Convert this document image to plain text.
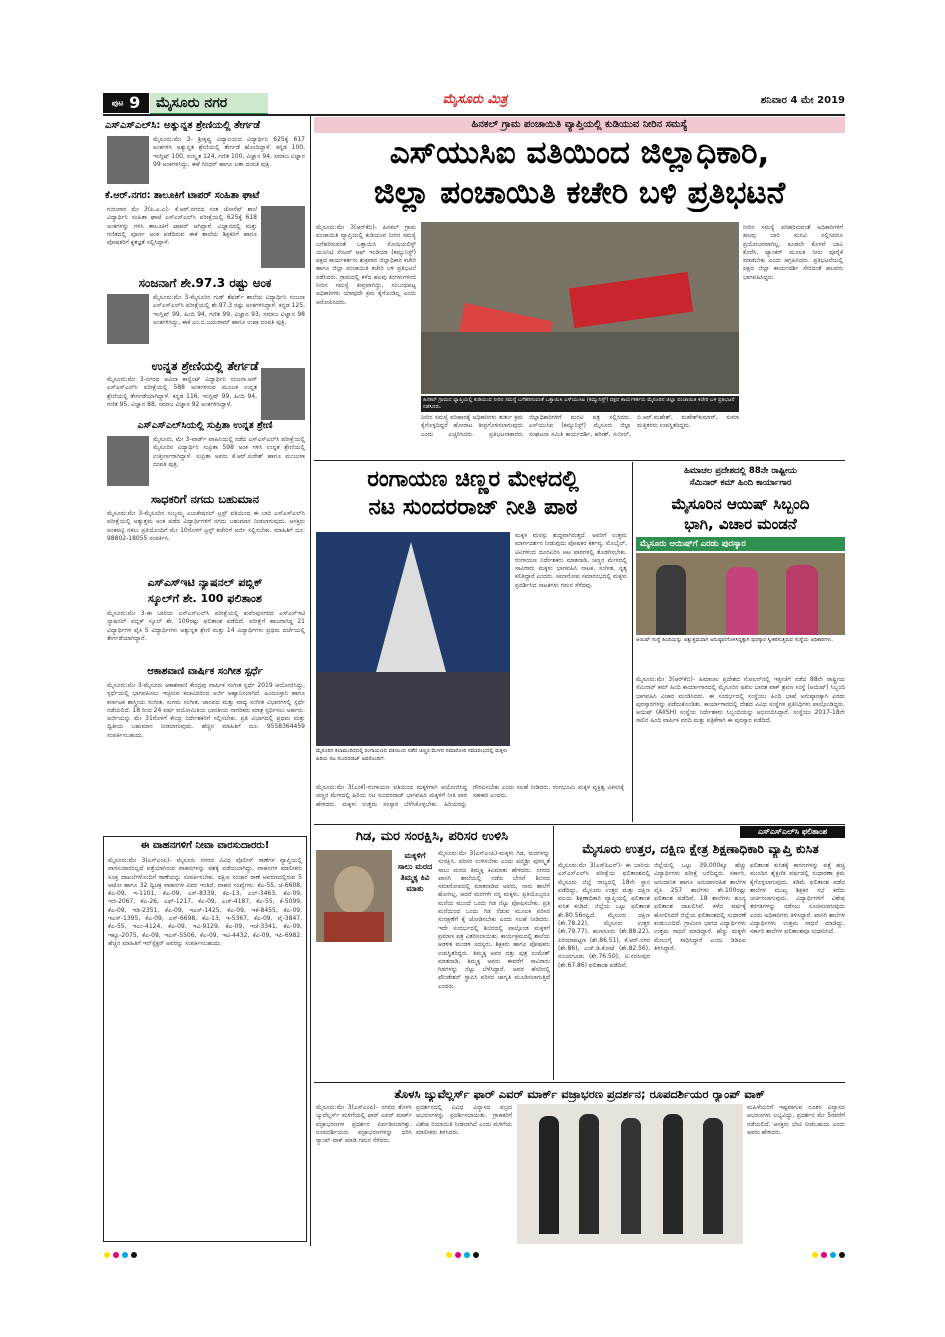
ಪುಟ 9	ಮೈಸೂರು ನಗರ	ಮೈಸೂರು ಮಿತ್ರ	ಶನಿವಾರ 4 ಮೇ 2019
ಎಸ್‌ಎಸ್‌ಎಲ್‌ಸಿ: ಅತ್ಯುನ್ನತ ಶ್ರೇಣಿಯಲ್ಲಿ ತೇರ್ಗಡೆ
ಮೈಸೂರು:ಮೇ 3- ಶ್ರೀಕೃಷ್ಣ ವಿದ್ಯಾಲಯದ ವಿದ್ಯಾರ್ಥಿನಿ 625ಕ್ಕೆ 617 ಅಂಕಗಳಿಸಿ ಅತ್ಯುನ್ನತ ಶ್ರೇಣಿಯಲ್ಲಿ ತೇರ್ಗಡೆ ಹೊಂದಿದ್ದಾಳೆ. ಕನ್ನಡ 100, ಇಂಗ್ಲಿಷ್ 100, ಸಂಸ್ಕೃತ 124, ಗಣಿತ 100, ವಿಜ್ಞಾನ 94, ಸಮಾಜ ವಿಜ್ಞಾನ 99 ಅಂಕಗಳಿಸಿದ್ದು, ಈಕೆ ಗಿರಿಧರ್ ಹಾಗೂ ಲತಾ ದಂಪತಿ ಪುತ್ರಿ.
ಕೆ.ಆರ್.ನಗರ: ತಾಲೂಕಿಗೆ ಟಾಪರ್ ಸಂಹಿತಾ ಘಾಟೆ
ಗುರುವಾರ ಮೇ 3(ಪಿ.ಎ.ಎ)- ಕೆ.ಆರ್.ನಗರದ ಸಂತ ಜೋಸೆಫ್ ಶಾಲೆ ವಿದ್ಯಾರ್ಥಿನಿ ಸಂಹಿತಾ ಘಾಟೆ ಎಸ್‌ಎಸ್‌ಎಲ್‌ಸಿ ಪರೀಕ್ಷೆಯಲ್ಲಿ 625ಕ್ಕೆ 618 ಅಂಕಗಳನ್ನು ಗಳಿಸಿ ತಾಲೂಕಿಗೆ ಟಾಪರ್ ಆಗಿದ್ದಾಳೆ. ವಿಜ್ಞಾನದಲ್ಲಿ ಮತ್ತು ಗಣಿತದಲ್ಲಿ ಪೂರ್ಣ ಅಂಕ ಪಡೆದಿರುವ ಈಕೆ ಶಾಲೆಯ ಶಿಕ್ಷಕರಿಗೆ ಹಾಗೂ ಪೋಷಕರಿಗೆ ಕೃತಜ್ಞತೆ ಸಲ್ಲಿಸಿದ್ದಾಳೆ.
ಸಂಜನಾಗೆ ಶೇ.97.3 ರಷ್ಟು ಅಂಕ
ಮೈಸೂರು:ಮೇ 3-ಮೈಸೂರಿನ ಗುಡ್ ಶೆಫರ್ಡ್ ಶಾಲೆಯ ವಿದ್ಯಾರ್ಥಿನಿ ಸಂಜನಾ ಎಸ್‌ಎಸ್‌ಎಲ್‌ಸಿ ಪರೀಕ್ಷೆಯಲ್ಲಿ ಶೇ.97.3 ರಷ್ಟು ಅಂಕಗಳಿಸಿದ್ದಾಳೆ. ಕನ್ನಡ 125, ಇಂಗ್ಲಿಷ್ 99, ಹಿಂದಿ 94, ಗಣಿತ 99, ವಿಜ್ಞಾನ 93, ಸಮಾಜ ವಿಜ್ಞಾನ 98 ಅಂಕಗಳಿಸಿದ್ದು, ಈಕೆ ಎಂ.ಬಿ.ಜಯರಾಮ್ ಹಾಗೂ ಉಷಾ ದಂಪತಿ ಪುತ್ರಿ.
ಉನ್ನತ ಶ್ರೇಣಿಯಲ್ಲಿ ತೇರ್ಗಡೆ
ಮೈಸೂರು:ಮೇ 3-ನಗರದ ಅವಿಲಾ ಕಾನ್ವೆಂಟ್ ವಿದ್ಯಾರ್ಥಿನಿ ಸಂಜನಾ.ಆರ್ ಎಸ್‌ಎಸ್‌ಎಲ್‌ಸಿ ಪರೀಕ್ಷೆಯಲ್ಲಿ 588 ಅಂಕಗಳಿಸುವ ಮೂಲಕ ಉನ್ನತ ಶ್ರೇಣಿಯಲ್ಲಿ ತೇರ್ಗಡೆಯಾಗಿದ್ದಾಳೆ. ಕನ್ನಡ 116, ಇಂಗ್ಲಿಷ್ 99, ಹಿಂದಿ 94, ಗಣಿತ 95, ವಿಜ್ಞಾನ 88, ಸಮಾಜ ವಿಜ್ಞಾನ 92 ಅಂಕಗಳಿಸಿದ್ದಾಳೆ.
ಎಸ್‌ಎಸ್‌ಎಲ್‌ಸಿಯಲ್ಲಿ ಸುಪ್ರಿತಾ ಉನ್ನತ ಶ್ರೇಣಿ
ಮೈಸೂರು, ಮೇ 3-ವಾರ್ಡ್ ವಾಹಿನಿಯಲ್ಲಿ ನಡೆದ ಎಸ್‌ಎಸ್‌ಎಲ್‌ಸಿ ಪರೀಕ್ಷೆಯಲ್ಲಿ ಮೈಸೂರಿನ ವಿದ್ಯಾರ್ಥಿನಿ ಸುಪ್ರಿತಾ 598 ಅಂಕ ಗಳಿಸಿ ಉನ್ನತ ಶ್ರೇಣಿಯಲ್ಲಿ ಉತ್ತೀರ್ಣರಾಗಿದ್ದಾಳೆ. ಸುಪ್ರಿತಾ ಅವರು ಕೆ.ಆರ್.ಸುರೇಶ್ ಹಾಗೂ ಮಂಜುಳಾ ದಂಪತಿ ಪುತ್ರಿ.
ಸಾಧಕರಿಗೆ ನಗದು ಬಹುಮಾನ
ಮೈಸೂರು:ಮೇ 3-ಮೈಸೂರಿನ ಸುಬ್ಬಮ್ಮ ಎಜುಕೇಷನಲ್ ಟ್ರಸ್ಟ್ ವತಿಯಿಂದ ಈ ಬಾರಿ ಎಸ್‌ಎಸ್‌ಎಲ್‌ಸಿ ಪರೀಕ್ಷೆಯಲ್ಲಿ ಅತ್ಯುತ್ತಮ ಅಂಕ ಪಡೆದ ವಿದ್ಯಾರ್ಥಿಗಳಿಗೆ ನಗದು ಬಹುಮಾನ ನೀಡಲಾಗುವುದು. ಆಸಕ್ತರು ಅಂಕಪಟ್ಟಿ ನಕಲು ಪ್ರತಿಯೊಂದಿಗೆ ಮೇ 10ರೊಳಗೆ ಟ್ರಸ್ಟ್ ಕಚೇರಿಗೆ ಅರ್ಜಿ ಸಲ್ಲಿಸಬೇಕು. ಮಾಹಿತಿಗೆ ದೂ: 98802-18055 ಸಂಪರ್ಕಿಸಿ.
ಎಸ್‌ಎಸ್‌ಇಟಿ ನ್ಯಾಷನಲ್ ಪಬ್ಲಿಕ್
ಸ್ಕೂಲ್‌ಗೆ ಶೇ. 100 ಫಲಿತಾಂಶ
ಮೈಸೂರು:ಮೇ 3-ಈ ಬಾರಿಯ ಎಸ್‌ಎಸ್‌ಎಲ್‌ಸಿ ಪರೀಕ್ಷೆಯಲ್ಲಿ ಕುವೆಂಪುನಗರದ ಎಸ್‌ಎಸ್‌ಇಟಿ ನ್ಯಾಷನಲ್ ಪಬ್ಲಿಕ್ ಸ್ಕೂಲ್ ಶೇ. 100ರಷ್ಟು ಫಲಿತಾಂಶ ಪಡೆದಿದೆ. ಪರೀಕ್ಷೆಗೆ ಹಾಜರಾಗಿದ್ದ 21 ವಿದ್ಯಾರ್ಥಿಗಳ ಪೈಕಿ 5 ವಿದ್ಯಾರ್ಥಿಗಳು ಅತ್ಯುನ್ನತ ಶ್ರೇಣಿ ಮತ್ತು 14 ವಿದ್ಯಾರ್ಥಿಗಳು ಪ್ರಥಮ ದರ್ಜೆಯಲ್ಲಿ ತೇರ್ಗಡೆಯಾಗಿದ್ದಾರೆ.
ಆಕಾಶವಾಣಿ ವಾರ್ಷಿಕ ಸಂಗೀತ ಸ್ಪರ್ಧೆ
ಮೈಸೂರು:ಮೇ 3-ಮೈಸೂರು ಆಕಾಶವಾಣಿ ಕೇಂದ್ರವು ವಾರ್ಷಿಕ ಸಂಗೀತ ಸ್ಪರ್ಧೆ 2019 ಆಯೋಜಿಸಿದ್ದು, ಸ್ಪರ್ಧೆಯಲ್ಲಿ ಭಾಗವಹಿಸಲು ಇಚ್ಛಿಸುವ ಕಲಾವಿದರಿಂದ ಅರ್ಜಿ ಆಹ್ವಾನಿಸಲಾಗಿದೆ. ಹಿಂದೂಸ್ತಾನಿ ಹಾಗೂ ಕರ್ನಾಟಕ ಶಾಸ್ತ್ರೀಯ ಸಂಗೀತ, ಸುಗಮ ಸಂಗೀತ, ಜಾನಪದ ಮತ್ತು ವಾದ್ಯ ಸಂಗೀತ ವಿಭಾಗಗಳಲ್ಲಿ ಸ್ಪರ್ಧೆ ನಡೆಯಲಿದೆ. 18 ರಿಂದ 24 ವರ್ಷ ವಯೋಮಿತಿಯ ಭಾರತೀಯ ನಾಗರಿಕರು ಮಾತ್ರ ಸ್ಪರ್ಧಿಸಲು ಅರ್ಹರು. ಅರ್ಜಿಯನ್ನು ಮೇ 31ರೊಳಗೆ ಕೇಂದ್ರ ನಿರ್ದೇಶಕರಿಗೆ ಸಲ್ಲಿಸಬೇಕು. ಪ್ರತಿ ವಿಭಾಗದಲ್ಲಿ ಪ್ರಥಮ ಮತ್ತು ದ್ವಿತೀಯ ಬಹುಮಾನ ನೀಡಲಾಗುವುದು. ಹೆಚ್ಚಿನ ಮಾಹಿತಿಗೆ ದೂ: 9558364459 ಸಂಪರ್ಕಿಸಬಹುದು.
ಈ ವಾಹನಗಳಿಗೆ ನೀವಾ ವಾರಸುದಾರರು!
ಮೈಸೂರು:ಮೇ 3(ಎಸ್‌ಎಂಪಿ)- ಮೈಸೂರು ನಗರದ ವಿವಿಧ ಪೊಲೀಸ್ ಠಾಣೆಗಳ ವ್ಯಾಪ್ತಿಯಲ್ಲಿ ವಾರಸುದಾರರಿಲ್ಲದೆ ಪತ್ತೆಯಾಗಿರುವ ವಾಹನಗಳನ್ನು ವಶಕ್ಕೆ ಪಡೆಯಲಾಗಿದ್ದು, ವಾಹನಗಳ ಮಾಲೀಕರು ಸೂಕ್ತ ದಾಖಲೆಗಳೊಂದಿಗೆ ಠಾಣೆಯನ್ನು ಸಂಪರ್ಕಿಸಬೇಕು. ದಕ್ಷಿಣ ಸಂಚಾರ ಠಾಣೆ ಆವರಣದಲ್ಲಿರುವ 5 ಆಟೋ ಹಾಗೂ 32 ದ್ವಿಚಕ್ರ ವಾಹನಗಳ ವಿವರ ಇಂತಿದೆ. ವಾಹನ ಸಂಖ್ಯೆಗಳು: ಕೆಎ-55, ಜೆ-6608, ಕೆಎ-09, ಇ-1101, ಕೆಎ-09, ಎಸ್-8339, ಕೆಎ-13, ಎಲ್-3463, ಕೆಎ-09, ಇಜಿ-2067, ಕೆಎ-26, ಎಫ್-1217, ಕೆಎ-09, ಎಚ್-4187, ಕೆಎ-55, ಕೆ-5099, ಕೆಎ-09, ಇಡಿ-2351, ಕೆಎ-09, ಇಎಸ್-1425, ಕೆಎ-09, ಇಕೆ-8455, ಕೆಎ-09, ಇಎಸ್-1395, ಕೆಎ-09, ಎಸ್-6698, ಕೆಎ-13, ಇ-5367, ಕೆಎ-09, ವೈ-3847, ಕೆಎ-55, ಇಎಂ-4124, ಕೆಎ-09, ಇವಿ-9129, ಕೆಎ-09, ಇಜೆ-3341, ಕೆಎ-09, ಇಕ್ಯೂ-2075, ಕೆಎ-09, ಇಎಸ್-5506, ಕೆಎ-09, ಇಟಿ-4432, ಕೆಎ-09, ಇಪಿ-6982. ಹೆಚ್ಚಿನ ಮಾಹಿತಿಗೆ ಇನ್‌ಸ್ಪೆಕ್ಟರ್ ಅವರನ್ನು ಸಂಪರ್ಕಿಸಬಹುದು.
ಹಿನಕಲ್ ಗ್ರಾಮ ಪಂಚಾಯಿತಿ ವ್ಯಾಪ್ತಿಯಲ್ಲಿ ಕುಡಿಯುವ ನೀರಿನ ಸಮಸ್ಯೆ
ಎಸ್‌ಯುಸಿಐ ವತಿಯಿಂದ ಜಿಲ್ಲಾಧಿಕಾರಿ,
ಜಿಲ್ಲಾ ಪಂಚಾಯಿತಿ ಕಚೇರಿ ಬಳಿ ಪ್ರತಿಭಟನೆ
ಮೈಸೂರು:ಮೇ 3(ಆರ್‌ಕೆಬಿ)- ಹಿನಕಲ್ ಗ್ರಾಮ ಪಂಚಾಯಿತಿ ವ್ಯಾಪ್ತಿಯಲ್ಲಿ ಕುಡಿಯುವ ನೀರಿನ ಸಮಸ್ಯೆ ಬಗೆಹರಿಸುವಂತೆ ಒತ್ತಾಯಿಸಿ ಸೋಷಿಯಲಿಸ್ಟ್ ಯೂನಿಟಿ ಸೆಂಟರ್ ಆಫ್ ಇಂಡಿಯಾ (ಕಮ್ಯುನಿಸ್ಟ್) ಪಕ್ಷದ ಕಾರ್ಯಕರ್ತರು ಶುಕ್ರವಾರ ಜಿಲ್ಲಾಧಿಕಾರಿ ಕಚೇರಿ ಹಾಗೂ ಜಿಲ್ಲಾ ಪಂಚಾಯಿತಿ ಕಚೇರಿ ಬಳಿ ಪ್ರತಿಭಟನೆ ನಡೆಸಿದರು. ಗ್ರಾಮದಲ್ಲಿ ಕಳೆದ ಹಲವು ತಿಂಗಳುಗಳಿಂದ ನೀರಿನ ಸಮಸ್ಯೆ ತೀವ್ರವಾಗಿದ್ದು, ಸಂಬಂಧಪಟ್ಟ ಅಧಿಕಾರಿಗಳು ಯಾವುದೇ ಕ್ರಮ ಕೈಗೊಂಡಿಲ್ಲ ಎಂದು ಆರೋಪಿಸಿದರು.
ನೀರಿನ ಸಮಸ್ಯೆ ಪರಿಹರಿಸುವಂತೆ ಅಧಿಕಾರಿಗಳಿಗೆ ಹಲವು ಬಾರಿ ಮನವಿ ಸಲ್ಲಿಸಿದರೂ ಪ್ರಯೋಜನವಾಗಿಲ್ಲ. ಕೂಡಲೇ ಕೊಳವೆ ಬಾವಿ ಕೊರೆಸಿ, ಟ್ಯಾಂಕರ್ ಮೂಲಕ ನೀರು ಪೂರೈಕೆ ಮಾಡಬೇಕು ಎಂದು ಆಗ್ರಹಿಸಿದರು. ಪ್ರತಿಭಟನೆಯಲ್ಲಿ ಪಕ್ಷದ ಜಿಲ್ಲಾ ಕಾರ್ಯದರ್ಶಿ ಸೇರಿದಂತೆ ಹಲವರು ಭಾಗವಹಿಸಿದ್ದರು.
ಹಿನಕಲ್ ಗ್ರಾಮದ ವ್ಯಾಪ್ತಿಯಲ್ಲಿ ಕುಡಿಯುವ ನೀರಿನ ಸಮಸ್ಯೆ ಬಗೆಹರಿಸುವಂತೆ ಒತ್ತಾಯಿಸಿ ಎಸ್‌ಯುಸಿಐ (ಕಮ್ಯುನಿಸ್ಟ್) ಪಕ್ಷದ ಕಾರ್ಯಕರ್ತರು ಮೈಸೂರಿನ ಜಿಲ್ಲಾ ಪಂಚಾಯಿತಿ ಕಚೇರಿ ಬಳಿ ಪ್ರತಿಭಟನೆ ನಡೆಸಿದರು.
ನೀರಿನ ಸಮಸ್ಯೆ ಪರಿಹಾರಕ್ಕೆ ಅಧಿಕಾರಿಗಳು ತುರ್ತು ಕ್ರಮ ಕೈಗೊಳ್ಳದಿದ್ದರೆ ಹೋರಾಟ ತೀವ್ರಗೊಳಿಸಲಾಗುವುದು ಎಂದು ಎಚ್ಚರಿಸಿದರು. ಪ್ರತಿಭಟನಾಕಾರರು ಜಿಲ್ಲಾಧಿಕಾರಿಗಳಿಗೆ ಮನವಿ ಪತ್ರ ಸಲ್ಲಿಸಿದರು. ಎಸ್‌ಯುಸಿಐ (ಕಮ್ಯುನಿಸ್ಟ್) ಮೈಸೂರು ಜಿಲ್ಲಾ ಸಂಘಟನಾ ಸಮಿತಿ ಕಾರ್ಯದರ್ಶಿ, ಹರೀಶ್, ಸುನೀಲ್, ಬಿ.ಆರ್.ಮಹೇಶ್, ಮಹೇಶ್‌ಕುಮಾರ್, ಸುಮಾ ಮತ್ತಿತರರು ಉಪಸ್ಥಿತರಿದ್ದರು.
ರಂಗಾಯಣ ಚಿಣ್ಣರ ಮೇಳದಲ್ಲಿ
ನಟ ಸುಂದರರಾಜ್ ನೀತಿ ಪಾಠ
ಮೈಸೂರಿನ ಕಲಾಮಂದಿರದಲ್ಲಿ ರಂಗಾಯಣದ ವತಿಯಿಂದ ನಡೆದ ಚಿಣ್ಣರ ಮೇಳದ ಸಮಾರೋಪ ಸಮಾರಂಭದಲ್ಲಿ ಮಕ್ಕಳು ಹಿರಿಯ ನಟ ಸುಂದರರಾಜ್ ಅವರೊಂದಿಗೆ.
ಮೈಸೂರು:ಮೇ 3(ಎಂಕೆ)-ರಂಗಾಯಣ ವತಿಯಿಂದ ಮಕ್ಕಳಿಗಾಗಿ ಆಯೋಜಿಸಿದ್ದ ಚಿಣ್ಣರ ಮೇಳದಲ್ಲಿ ಹಿರಿಯ ನಟ ಸುಂದರರಾಜ್ ಭಾಗವಹಿಸಿ ಮಕ್ಕಳಿಗೆ ನೀತಿ ಪಾಠ ಹೇಳಿದರು. ಮಕ್ಕಳು ಉತ್ತಮ ಸಂಸ್ಕಾರ ಬೆಳೆಸಿಕೊಳ್ಳಬೇಕು. ಹಿರಿಯರನ್ನು ಗೌರವಿಸಬೇಕು ಎಂದು ಸಲಹೆ ನೀಡಿದರು. ರಂಗಭೂಮಿ ಮಕ್ಕಳ ವ್ಯಕ್ತಿತ್ವ ವಿಕಸನಕ್ಕೆ ಸಹಕಾರಿ ಎಂದರು.
ಮಕ್ಕಳ ಮನಸ್ಸು ಶುದ್ಧವಾಗಿರುತ್ತದೆ. ಅವರಿಗೆ ಉತ್ತಮ ಮಾರ್ಗದರ್ಶನ ನೀಡುವುದು ಪೋಷಕರ ಕರ್ತವ್ಯ. ಮೊಬೈಲ್, ಟಿವಿಗಳಿಂದ ದೂರವಿರಿಸಿ ಆಟ ಪಾಠಗಳಲ್ಲಿ ತೊಡಗಿಸಬೇಕು. ರಂಗಾಯಣ ನಿರ್ದೇಶಕರು ಮಾತನಾಡಿ, ಚಿಣ್ಣರ ಮೇಳದಲ್ಲಿ ಸಾವಿರಾರು ಮಕ್ಕಳು ಭಾಗವಹಿಸಿ ನಾಟಕ, ಸಂಗೀತ, ನೃತ್ಯ ಕಲಿತಿದ್ದಾರೆ ಎಂದರು. ಸಮಾರೋಪ ಸಮಾರಂಭದಲ್ಲಿ ಮಕ್ಕಳು ಪ್ರದರ್ಶಿಸಿದ ನಾಟಕಗಳು ಗಮನ ಸೆಳೆದವು.
ಹಿಮಾಚಲ ಪ್ರದೇಶದಲ್ಲಿ 88ನೇ ರಾಷ್ಟ್ರೀಯ
ಸೆಮಿನಾರ್ ಕಮ್ ಹಿಂದಿ ಕಾರ್ಯಾಗಾರ
ಮೈಸೂರಿನ ಆಯಿಷ್ ಸಿಬ್ಬಂದಿ
ಭಾಗಿ, ವಿಚಾರ ಮಂಡನೆ
ಮೈಸೂರು ಆಯಿಷ್‌ಗೆ ಎರಡು ಪುರಸ್ಕಾರ
ಆಯಿಷ್ ಸಂಸ್ಥೆ ಹಿಂದಿಯನ್ನು ಅತ್ಯುತ್ತಮವಾಗಿ ಅನುಷ್ಠಾನಗೊಳಿಸಿದ್ದಕ್ಕಾಗಿ ಪುರಸ್ಕಾರ ಸ್ವೀಕರಿಸುತ್ತಿರುವ ಸಂಸ್ಥೆಯ ಅಧಿಕಾರಿಗಳು.
ಮೈಸೂರು:ಮೇ 3(ಆರ್‌ಕೆಬಿ)- ಹಿಮಾಚಲ ಪ್ರದೇಶದ ಸೋಲನ್‌ನಲ್ಲಿ ಇತ್ತೀಚೆಗೆ ನಡೆದ 88ನೇ ರಾಷ್ಟ್ರೀಯ ಸೆಮಿನಾರ್ ಕಮ್ ಹಿಂದಿ ಕಾರ್ಯಾಗಾರದಲ್ಲಿ ಮೈಸೂರಿನ ಅಖಿಲ ಭಾರತ ವಾಕ್ ಶ್ರವಣ ಸಂಸ್ಥೆ (ಆಯಿಷ್) ಸಿಬ್ಬಂದಿ ಭಾಗವಹಿಸಿ ವಿಚಾರ ಮಂಡಿಸಿದರು. ಈ ಸಂದರ್ಭದಲ್ಲಿ ಸಂಸ್ಥೆಯು ಹಿಂದಿ ಭಾಷೆ ಅನುಷ್ಠಾನಕ್ಕಾಗಿ ಎರಡು ಪುರಸ್ಕಾರಗಳನ್ನು ಪಡೆದುಕೊಂಡಿತು. ಕಾರ್ಯಾಗಾರದಲ್ಲಿ ದೇಶದ ವಿವಿಧ ಸಂಸ್ಥೆಗಳ ಪ್ರತಿನಿಧಿಗಳು ಪಾಲ್ಗೊಂಡಿದ್ದರು. ಆಯಿಷ್ (AIISH) ಸಂಸ್ಥೆಯ ನಿರ್ದೇಶಕರು ಸಿಬ್ಬಂದಿಯನ್ನು ಅಭಿನಂದಿಸಿದ್ದಾರೆ. ಸಂಸ್ಥೆಯು 2017-18ನೇ ಸಾಲಿನ ಹಿಂದಿ ವಾರ್ಷಿಕ ವರದಿ ಮತ್ತು ಪತ್ರಿಕೆಗಾಗಿ ಈ ಪುರಸ್ಕಾರ ಪಡೆದಿದೆ.
ಗಿಡ, ಮರ ಸಂರಕ್ಷಿಸಿ, ಪರಿಸರ ಉಳಿಸಿ
ಮಕ್ಕಳಿಗೆ ಸಾಲು ಮರದ ತಿಮ್ಮಕ್ಕ ಕಿವಿ ಮಾತು
ಮೈಸೂರು:ಮೇ 3(ಎಸ್‌ಎಂಪಿ)-ಮಕ್ಕಳು ಗಿಡ, ಮರಗಳನ್ನು ಸಂರಕ್ಷಿಸಿ, ಪರಿಸರ ಉಳಿಸಬೇಕು ಎಂದು ಪದ್ಮಶ್ರೀ ಪುರಸ್ಕೃತೆ ಸಾಲು ಮರದ ತಿಮ್ಮಕ್ಕ ಕಿವಿಮಾತು ಹೇಳಿದರು. ನಗರದ ಖಾಸಗಿ ಶಾಲೆಯಲ್ಲಿ ನಡೆದ ಬೇಸಿಗೆ ಶಿಬಿರದ ಸಮಾರೋಪದಲ್ಲಿ ಮಾತನಾಡಿದ ಅವರು, ನಾನು ಶಾಲೆಗೆ ಹೋಗಿಲ್ಲ, ಆದರೆ ಮರಗಳೇ ನನ್ನ ಮಕ್ಕಳು. ಪ್ರತಿಯೊಬ್ಬರೂ ಮನೆಯ ಮುಂದೆ ಒಂದು ಗಿಡ ನೆಟ್ಟು ಪೋಷಿಸಬೇಕು. ಪ್ರತಿ ಮನೆಯಿಂದ ಒಂದು ಗಿಡ ನೆಡುವ ಮೂಲಕ ಪರಿಸರ ಸಂರಕ್ಷಣೆಗೆ ಕೈ ಜೋಡಿಸಬೇಕು ಎಂದು ಸಲಹೆ ನೀಡಿದರು. ಇದೇ ಸಂದರ್ಭದಲ್ಲಿ ಶಿಬಿರದಲ್ಲಿ ಪಾಲ್ಗೊಂಡ ಮಕ್ಕಳಿಗೆ ಪ್ರಮಾಣ ಪತ್ರ ವಿತರಿಸಲಾಯಿತು. ಕಾರ್ಯಕ್ರಮದಲ್ಲಿ ಶಾಲೆಯ ಆಡಳಿತ ಮಂಡಳಿ ಸದಸ್ಯರು, ಶಿಕ್ಷಕರು ಹಾಗೂ ಪೋಷಕರು ಉಪಸ್ಥಿತರಿದ್ದರು. ತಿಮ್ಮಕ್ಕ ಅವರ ದತ್ತು ಪುತ್ರ ಉಮೇಶ್ ಮಾತನಾಡಿ, ತಿಮ್ಮಕ್ಕ ಅವರು ಈವರೆಗೆ ಸಾವಿರಾರು ಗಿಡಗಳನ್ನು ನೆಟ್ಟು ಬೆಳೆಸಿದ್ದಾರೆ. ಅವರ ಹೆಸರಿನಲ್ಲಿ ಫೌಂಡೇಶನ್ ಸ್ಥಾಪಿಸಿ ಪರಿಸರ ಜಾಗೃತಿ ಮೂಡಿಸಲಾಗುತ್ತಿದೆ ಎಂದರು.
ಎಸ್‌ಎಸ್‌ಎಲ್‌ಸಿ ಫಲಿತಾಂಶ
ಮೈಸೂರು ಉತ್ತರ, ದಕ್ಷಿಣ ಕ್ಷೇತ್ರ ಶಿಕ್ಷಣಾಧಿಕಾರಿ ವ್ಯಾಪ್ತಿ ಕುಸಿತ
ಮೈಸೂರು:ಮೇ 3(ಎಸ್‌ಪಿಎನ್)- ಈ ಬಾರಿಯ ಎಸ್‌ಎಸ್‌ಎಲ್‌ಸಿ ಪರೀಕ್ಷೆಯ ಫಲಿತಾಂಶದಲ್ಲಿ ಮೈಸೂರು ಜಿಲ್ಲೆ ರಾಜ್ಯದಲ್ಲಿ 18ನೇ ಸ್ಥಾನ ಪಡೆದಿದ್ದು, ಮೈಸೂರು ಉತ್ತರ ಮತ್ತು ದಕ್ಷಿಣ ವಲಯ ಶಿಕ್ಷಣಾಧಿಕಾರಿ ವ್ಯಾಪ್ತಿಯಲ್ಲಿ ಫಲಿತಾಂಶ ಕುಸಿತ ಕಂಡಿದೆ. ಜಿಲ್ಲೆಯ ಒಟ್ಟು ಫಲಿತಾಂಶ ಶೇ.80.56ರಷ್ಟಿದೆ. ಮೈಸೂರು ದಕ್ಷಿಣ (ಶೇ.78.22), ಮೈಸೂರು ಉತ್ತರ (ಶೇ.79.77), ಹುಣಸೂರು (ಶೇ.88.22), ಪಿರಿಯಾಪಟ್ಟಣ (ಶೇ.86.51), ಕೆ.ಆರ್.ನಗರ (ಶೇ.86), ಎಚ್.ಡಿ.ಕೋಟೆ (ಶೇ.82.56), ನಂಜನಗೂಡು (ಶೇ.76.50), ಟಿ.ನರಸೀಪುರ (ಶೇ.67.86) ಫಲಿತಾಂಶ ಪಡೆದಿವೆ.
ಜಿಲ್ಲೆಯಲ್ಲಿ ಒಟ್ಟು 39,000ಕ್ಕೂ ಹೆಚ್ಚು ವಿದ್ಯಾರ್ಥಿಗಳು ಪರೀಕ್ಷೆ ಬರೆದಿದ್ದರು. ಸರ್ಕಾರಿ, ಅನುದಾನಿತ ಹಾಗೂ ಅನುದಾನರಹಿತ ಶಾಲೆಗಳ ಪೈಕಿ 257 ಶಾಲೆಗಳು ಶೇ.100ರಷ್ಟು ಫಲಿತಾಂಶ ಪಡೆದಿವೆ. 18 ಶಾಲೆಗಳು ಶೂನ್ಯ ಫಲಿತಾಂಶ ದಾಖಲಿಸಿವೆ. ಕಳೆದ ವರ್ಷಕ್ಕೆ ಹೋಲಿಸಿದರೆ ಜಿಲ್ಲೆಯ ಫಲಿತಾಂಶದಲ್ಲಿ ಸುಧಾರಣೆ ಕಂಡುಬಂದಿದೆ. ಗ್ರಾಮೀಣ ಭಾಗದ ವಿದ್ಯಾರ್ಥಿಗಳು ಉತ್ತಮ ಸಾಧನೆ ಮಾಡಿದ್ದಾರೆ. ಹೆಣ್ಣು ಮಕ್ಕಳೇ ಮೇಲುಗೈ ಸಾಧಿಸಿದ್ದಾರೆ ಎಂದು ಡಿಡಿಪಿಐ ತಿಳಿಸಿದ್ದಾರೆ.
ಫಲಿತಾಂಶ ಕುಸಿತಕ್ಕೆ ಕಾರಣಗಳನ್ನು ಪತ್ತೆ ಹಚ್ಚಿ ಮುಂದಿನ ಶೈಕ್ಷಣಿಕ ವರ್ಷದಲ್ಲಿ ಸುಧಾರಣಾ ಕ್ರಮ ಕೈಗೊಳ್ಳಲಾಗುವುದು. ಕಡಿಮೆ ಫಲಿತಾಂಶ ಪಡೆದ ಶಾಲೆಗಳ ಮುಖ್ಯ ಶಿಕ್ಷಕರ ಸಭೆ ಕರೆದು ಚರ್ಚಿಸಲಾಗುವುದು. ವಿದ್ಯಾರ್ಥಿಗಳಿಗೆ ವಿಶೇಷ ತರಗತಿಗಳನ್ನು ನಡೆಸಲು ಸೂಚಿಸಲಾಗುವುದು ಎಂದು ಅಧಿಕಾರಿಗಳು ತಿಳಿಸಿದ್ದಾರೆ. ಖಾಸಗಿ ಶಾಲೆಗಳ ವಿದ್ಯಾರ್ಥಿಗಳು ಉತ್ತಮ ಸಾಧನೆ ಮಾಡಿದ್ದು, ಸರ್ಕಾರಿ ಶಾಲೆಗಳ ಫಲಿತಾಂಶವೂ ಸುಧಾರಿಸಿದೆ.
ತೊಳಸಿ ಜ್ಯುವೆಲ್ಲರ್ಸ್ ಫಾರ್ ಎವರ್ ಮಾರ್ಕ್ ವಜ್ರಾಭರಣ ಪ್ರದರ್ಶನ; ರೂಪದರ್ಶಿಯರ ರ್‍ಯಾಂಪ್ ವಾಕ್
ಮೈಸೂರು:ಮೇ 3(ಎಸ್‌ಎಂಪಿ)- ನಗರದ ತೊಳಸಿ ಜ್ಯುವೆಲ್ಲರ್ಸ್ ಮಳಿಗೆಯಲ್ಲಿ ಫಾರ್ ಎವರ್ ಮಾರ್ಕ್ ವಜ್ರಾಭರಣಗಳ ಪ್ರದರ್ಶನ ಏರ್ಪಡಿಸಲಾಗಿತ್ತು. ರೂಪದರ್ಶಿಯರು ವಜ್ರಾಭರಣಗಳನ್ನು ಧರಿಸಿ ರ್‍ಯಾಂಪ್ ವಾಕ್ ಮಾಡಿ ಗಮನ ಸೆಳೆದರು.
ಪ್ರದರ್ಶನದಲ್ಲಿ ವಿವಿಧ ವಿನ್ಯಾಸದ ವಜ್ರದ ಆಭರಣಗಳನ್ನು ಪ್ರದರ್ಶಿಸಲಾಯಿತು. ಗ್ರಾಹಕರಿಗೆ ವಿಶೇಷ ರಿಯಾಯಿತಿ ನೀಡಲಾಗಿದೆ ಎಂದು ಮಳಿಗೆಯ ಮಾಲೀಕರು ತಿಳಿಸಿದರು.
ಮಹಿಳೆಯರಿಗೆ ಇಷ್ಟವಾಗುವ ನೂತನ ವಿನ್ಯಾಸದ ಆಭರಣಗಳು ಲಭ್ಯವಿದ್ದು, ಪ್ರದರ್ಶನ ಮೇ 5ರವರೆಗೆ ನಡೆಯಲಿದೆ. ಆಸಕ್ತರು ಭೇಟಿ ನೀಡಬಹುದು ಎಂದು ಅವರು ಹೇಳಿದರು.
